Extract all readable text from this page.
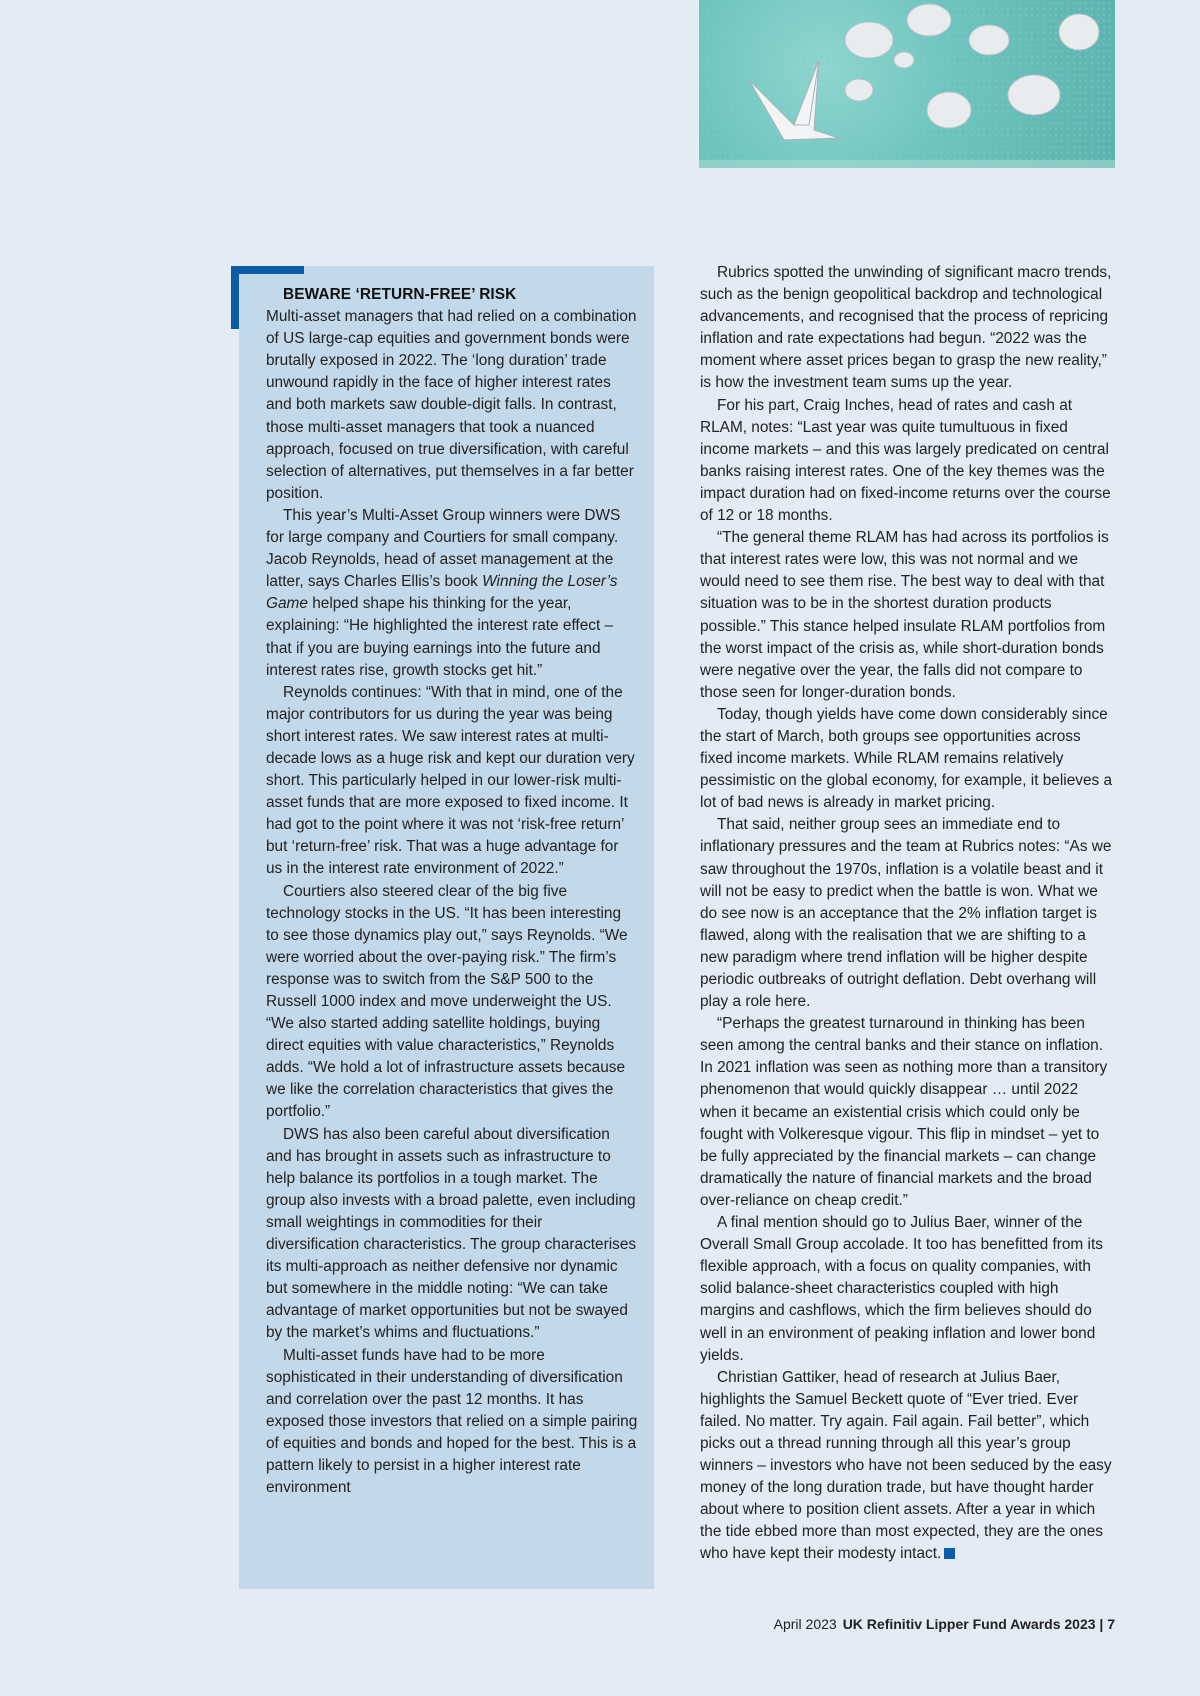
BEWARE ‘RETURN-FREE’ RISK

Multi-asset managers that had relied on a combination of US large-cap equities and government bonds were brutally exposed in 2022. The ‘long duration’ trade unwound rapidly in the face of higher interest rates and both markets saw double-digit falls. In contrast, those multi-asset managers that took a nuanced approach, focused on true diversification, with careful selection of alternatives, put themselves in a far better position.

This year’s Multi-Asset Group winners were DWS for large company and Courtiers for small company. Jacob Reynolds, head of asset management at the latter, says Charles Ellis’s book Winning the Loser’s Game helped shape his thinking for the year, explaining: “He highlighted the interest rate effect – that if you are buying earnings into the future and interest rates rise, growth stocks get hit.”

Reynolds continues: “With that in mind, one of the major contributors for us during the year was being short interest rates. We saw interest rates at multi-decade lows as a huge risk and kept our duration very short. This particularly helped in our lower-risk multi-asset funds that are more exposed to fixed income. It had got to the point where it was not ‘risk-free return’ but ‘return-free’ risk. That was a huge advantage for us in the interest rate environment of 2022.”

Courtiers also steered clear of the big five technology stocks in the US. “It has been interesting to see those dynamics play out,” says Reynolds. “We were worried about the over-paying risk.” The firm’s response was to switch from the S&P 500 to the Russell 1000 index and move underweight the US. “We also started adding satellite holdings, buying direct equities with value characteristics,” Reynolds adds. “We hold a lot of infrastructure assets because we like the correlation characteristics that gives the portfolio.”

DWS has also been careful about diversification and has brought in assets such as infrastructure to help balance its portfolios in a tough market. The group also invests with a broad palette, even including small weightings in commodities for their diversification characteristics. The group characterises its multi-approach as neither defensive nor dynamic but somewhere in the middle noting: “We can take advantage of market opportunities but not be swayed by the market’s whims and fluctuations.”

Multi-asset funds have had to be more sophisticated in their understanding of diversification and correlation over the past 12 months. It has exposed those investors that relied on a simple pairing of equities and bonds and hoped for the best. This is a pattern likely to persist in a higher interest rate environment

Rubrics spotted the unwinding of significant macro trends, such as the benign geopolitical backdrop and technological advancements, and recognised that the process of repricing inflation and rate expectations had begun. “2022 was the moment where asset prices began to grasp the new reality,” is how the investment team sums up the year.

For his part, Craig Inches, head of rates and cash at RLAM, notes: “Last year was quite tumultuous in fixed income markets – and this was largely predicated on central banks raising interest rates. One of the key themes was the impact duration had on fixed-income returns over the course of 12 or 18 months.

“The general theme RLAM has had across its portfolios is that interest rates were low, this was not normal and we would need to see them rise. The best way to deal with that situation was to be in the shortest duration products possible.” This stance helped insulate RLAM portfolios from the worst impact of the crisis as, while short-duration bonds were negative over the year, the falls did not compare to those seen for longer-duration bonds.

Today, though yields have come down considerably since the start of March, both groups see opportunities across fixed income markets. While RLAM remains relatively pessimistic on the global economy, for example, it believes a lot of bad news is already in market pricing.

That said, neither group sees an immediate end to inflationary pressures and the team at Rubrics notes: “As we saw throughout the 1970s, inflation is a volatile beast and it will not be easy to predict when the battle is won. What we do see now is an acceptance that the 2% inflation target is flawed, along with the realisation that we are shifting to a new paradigm where trend inflation will be higher despite periodic outbreaks of outright deflation. Debt overhang will play a role here.

“Perhaps the greatest turnaround in thinking has been seen among the central banks and their stance on inflation. In 2021 inflation was seen as nothing more than a transitory phenomenon that would quickly disappear … until 2022 when it became an existential crisis which could only be fought with Volkeresque vigour. This flip in mindset – yet to be fully appreciated by the financial markets – can change dramatically the nature of financial markets and the broad over-reliance on cheap credit.”

A final mention should go to Julius Baer, winner of the Overall Small Group accolade. It too has benefitted from its flexible approach, with a focus on quality companies, with solid balance-sheet characteristics coupled with high margins and cashflows, which the firm believes should do well in an environment of peaking inflation and lower bond yields.

Christian Gattiker, head of research at Julius Baer, highlights the Samuel Beckett quote of “Ever tried. Ever failed. No matter. Try again. Fail again. Fail better”, which picks out a thread running through all this year’s group winners – investors who have not been seduced by the easy money of the long duration trade, but have thought harder about where to position client assets. After a year in which the tide ebbed more than most expected, they are the ones who have kept their modesty intact.

April 2023 UK Refinitiv Lipper Fund Awards 2023 | 7
